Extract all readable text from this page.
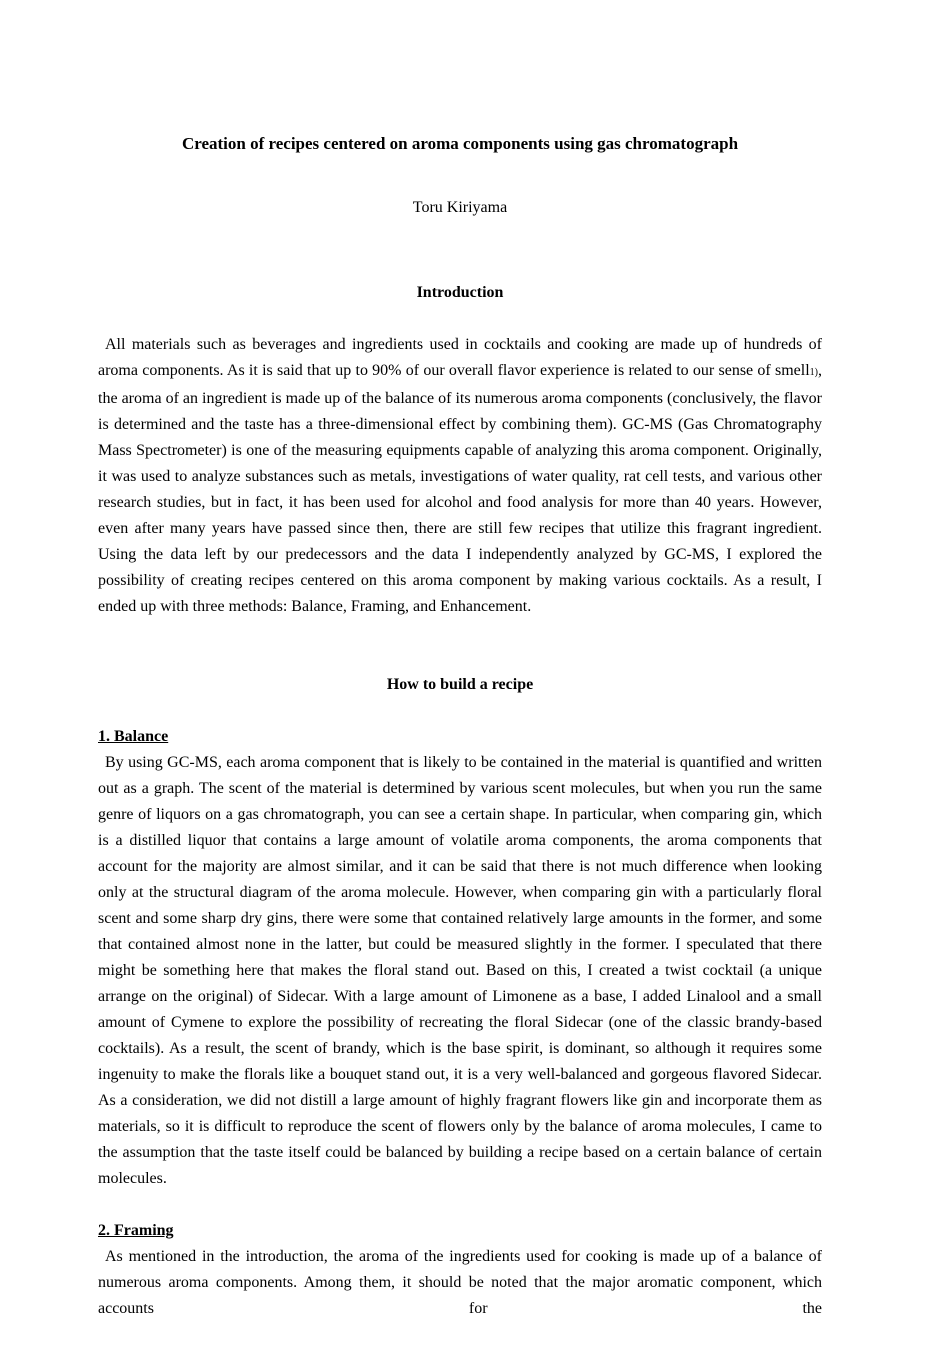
Creation of recipes centered on aroma components using gas chromatograph
Toru Kiriyama
Introduction

All materials such as beverages and ingredients used in cocktails and cooking are made up of hundreds of aroma components. As it is said that up to 90% of our overall flavor experience is related to our sense of smell1), the aroma of an ingredient is made up of the balance of its numerous aroma components (conclusively, the flavor is determined and the taste has a three-dimensional effect by combining them). GC-MS (Gas Chromatography Mass Spectrometer) is one of the measuring equipments capable of analyzing this aroma component. Originally, it was used to analyze substances such as metals, investigations of water quality, rat cell tests, and various other research studies, but in fact, it has been used for alcohol and food analysis for more than 40 years. However, even after many years have passed since then, there are still few recipes that utilize this fragrant ingredient. Using the data left by our predecessors and the data I independently analyzed by GC-MS, I explored the possibility of creating recipes centered on this aroma component by making various cocktails. As a result, I ended up with three methods: Balance, Framing, and Enhancement.

How to build a recipe
1. Balance

By using GC-MS, each aroma component that is likely to be contained in the material is quantified and written out as a graph. The scent of the material is determined by various scent molecules, but when you run the same genre of liquors on a gas chromatograph, you can see a certain shape. In particular, when comparing gin, which is a distilled liquor that contains a large amount of volatile aroma components, the aroma components that account for the majority are almost similar, and it can be said that there is not much difference when looking only at the structural diagram of the aroma molecule. However, when comparing gin with a particularly floral scent and some sharp dry gins, there were some that contained relatively large amounts in the former, and some that contained almost none in the latter, but could be measured slightly in the former. I speculated that there might be something here that makes the floral stand out. Based on this, I created a twist cocktail (a unique arrange on the original) of Sidecar. With a large amount of Limonene as a base, I added Linalool and a small amount of Cymene to explore the possibility of recreating the floral Sidecar (one of the classic brandy-based cocktails). As a result, the scent of brandy, which is the base spirit, is dominant, so although it requires some ingenuity to make the florals like a bouquet stand out, it is a very well-balanced and gorgeous flavored Sidecar. As a consideration, we did not distill a large amount of highly fragrant flowers like gin and incorporate them as materials, so it is difficult to reproduce the scent of flowers only by the balance of aroma molecules, I came to the assumption that the taste itself could be balanced by building a recipe based on a certain balance of certain molecules.

2. Framing

As mentioned in the introduction, the aroma of the ingredients used for cooking is made up of a balance of numerous aroma components. Among them, it should be noted that the major aromatic component, which accounts for the
